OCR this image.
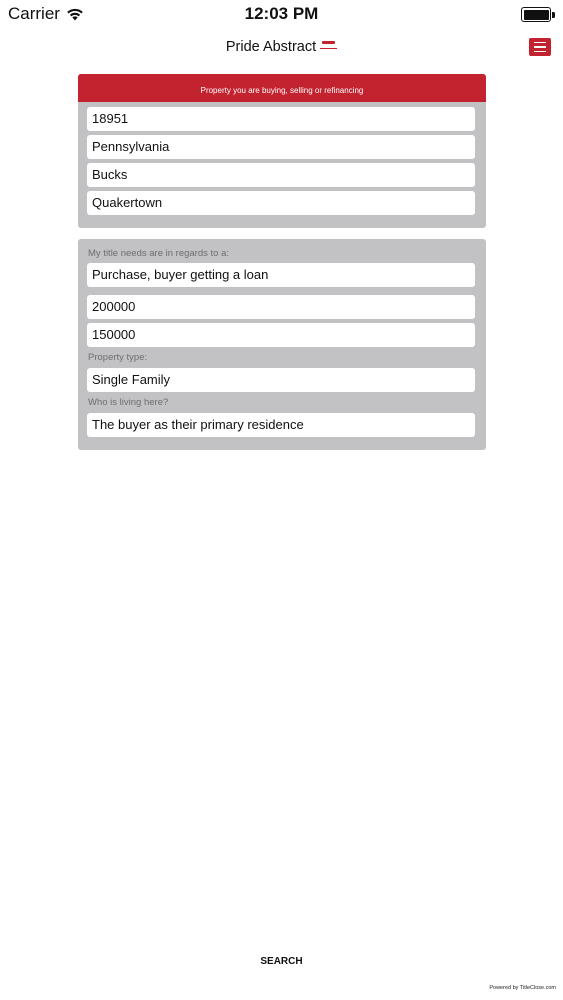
Carrier	12:03 PM
Pride Abstract
Property you are buying, selling or refinancing
18951
Pennsylvania
Bucks
Quakertown
My title needs are in regards to a:
Purchase, buyer getting a loan
200000
150000
Property type:
Single Family
Who is living here?
The buyer as their primary residence
SEARCH
Powered by TitleClose.com
